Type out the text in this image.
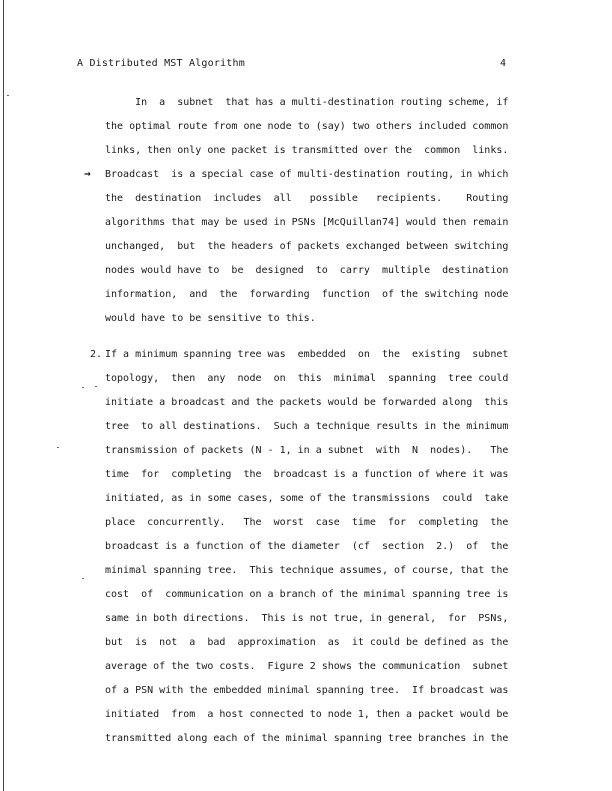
A Distributed MST Algorithm	4
In  a  subnet  that has a multi-destination routing scheme, if
the optimal route from one node to (say) two others included common
links, then only one packet is transmitted over the  common  links.
Broadcast  is a special case of multi-destination routing, in which
the  destination  includes  all   possible   recipients.    Routing
algorithms that may be used in PSNs [McQuillan74] would then remain
unchanged,  but  the headers of packets exchanged between switching
nodes would have to  be  designed  to  carry  multiple  destination
information,  and  the  forwarding  function  of the switching node
would have to be sensitive to this.
→
2. If a minimum spanning tree was  embedded  on  the  existing  subnet
topology,  then  any  node  on  this  minimal  spanning  tree could
initiate a broadcast and the packets would be forwarded along  this
tree  to all destinations.  Such a technique results in the minimum
transmission of packets (N - 1, in a subnet  with  N  nodes).   The
time  for  completing  the  broadcast is a function of where it was
initiated, as in some cases, some of the transmissions  could  take
place  concurrently.   The  worst  case  time  for  completing  the
broadcast is a function of the diameter  (cf  section  2.)  of  the
minimal spanning tree.  This technique assumes, of course, that the
cost  of  communication on a branch of the minimal spanning tree is
same in both directions.  This is not true, in general,  for  PSNs,
but  is  not  a  bad  approximation  as  it could be defined as the
average of the two costs.  Figure 2 shows the communication  subnet
of a PSN with the embedded minimal spanning tree.  If broadcast was
initiated  from  a host connected to node 1, then a packet would be
transmitted along each of the minimal spanning tree branches in the
